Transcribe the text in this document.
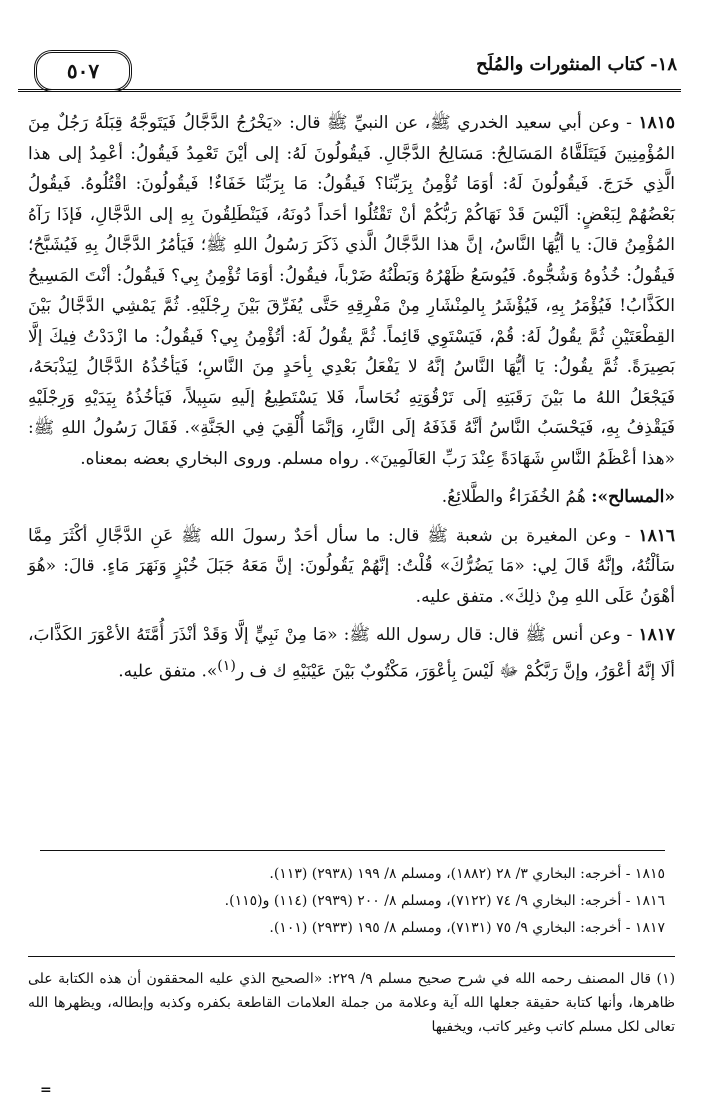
١٨- كتاب المنثورات والمُلَح
٥٠٧

١٨١٥ - وعن أبي سعيد الخدري ﷺ، عن النبيِّ ﷺ قال: «يَخْرُجُ الدَّجَّالُ فَيَتَوجَّهُ قِبَلَهُ رَجُلٌ مِنَ المُؤْمِنِينَ فَيَتَلَقَّاهُ المَسَالِحُ: مَسَالِحُ الدَّجَّالِ. فَيقُولُونَ لَهُ: إلى أيْنَ تَعْمِدُ فَيقُولُ: أعْمِدُ إلى هذا الَّذِي خَرَجَ. فَيقُولُونَ لَهُ: أوَمَا تُؤْمِنُ بِرَبِّنَا؟ فَيقُولُ: مَا بِرَبِّنَا خَفَاءٌ! فَيقُولُونَ: اقْتُلُوهُ. فَيقُولُ بَعْضُهُمْ لِبَعْضٍ: ألَيْسَ قَدْ نَهَاكُمْ رَبُّكُمْ أنْ تَقْتُلُوا أحَداً دُونَهُ، فَيَنْطَلِقُونَ بِهِ إلى الدَّجَّالِ، فَإذَا رَآهُ المُؤْمِنُ قالَ: يا أيُّهَا النَّاسُ، إنَّ هذا الدَّجَّالُ الَّذي ذَكَرَ رَسُولُ اللهِ ﷺ؛ فَيَأمُرُ الدَّجَّالُ بِهِ فَيُشَبَّحُ؛ فَيقُولُ: خُذُوهُ وَشُجُّوهُ. فَيُوسَعُ ظَهْرُهُ وَبَطْنُهُ ضَرْباً، فيقُولُ: أوَمَا تُؤْمِنُ بِي؟ فَيقُولُ: أنْتَ المَسِيحُ الكَذَّابُ! فَيُؤْمَرُ بِهِ، فَيُؤْشَرُ بِالمِنْشَارِ مِنْ مَفْرِقِهِ حَتَّى يُفَرِّقَ بَيْنَ رِجْلَيْهِ. ثُمَّ يَمْشِي الدَّجَّالُ بَيْنَ القِطْعَتَيْنِ ثُمَّ يقُولُ لَهُ: قُمْ، فَيَسْتَوِي قَائِماً. ثُمَّ يقُولُ لَهُ: أتُؤْمِنُ بِي؟ فَيقُولُ: ما ازْدَدْتُ فِيكَ إلَّا بَصِيرَةً. ثُمَّ يقُولُ: يَا أيُّهَا النَّاسُ إنَّهُ لا يَفْعَلُ بَعْدِي بِأحَدٍ مِنَ النَّاسِ؛ فَيَأخُذُهُ الدَّجَّالُ لِيَذْبَحَهُ، فَيَجْعَلُ اللهُ ما بَيْنَ رَقَبَتِهِ إلَى تَرْقُوَتِهِ نُحَاساً، فَلا يَسْتَطِيعُ إلَيهِ سَبِيلاً، فَيَأخُذُهُ بِيَدَيْهِ وَرِجْلَيْهِ فَيَقْذِفُ بِهِ، فَيَحْسَبُ النَّاسُ أنَّهُ قَذَفَهُ إلَى النَّارِ، وَإنَّمَا أُلْقِيَ فِي الجَنَّةِ». فَقَالَ رَسُولُ اللهِ ﷺ: «هذا أعْظَمُ النَّاسِ شَهَادَةً عِنْدَ رَبِّ العَالَمِينَ». رواه مسلم. وروى البخاري بعضه بمعناه.

«المسالح»: هُمُ الخُفَرَاءُ والطَّلائِعُ.

١٨١٦ - وعن المغيرة بن شعبة ﷺ قال: ما سأل أحَدٌ رسولَ الله ﷺ عَنِ الدَّجَّالِ أكْثَرَ مِمَّا سَألْتُهُ، وإنَّهُ قَالَ لِي: «مَا يَضُرُّكَ» قُلْتُ: إنَّهُمْ يَقُولُونَ: إنَّ مَعَهُ جَبَلَ خُبْزٍ وَنَهَرَ مَاءٍ. قالَ: «هُوَ أهْوَنُ عَلَى اللهِ مِنْ ذلِكَ». متفق عليه.

١٨١٧ - وعن أنس ﷺ قال: قال رسول الله ﷺ: «مَا مِنْ نَبِيٍّ إلَّا وَقَدْ أنْذَرَ أُمَّتَهُ الأعْوَرَ الكَذَّابَ، ألَا إنَّهُ أعْوَرُ، وإنَّ رَبَّكُمْ ﷻ لَيْسَ بِأعْوَرَ، مَكْتُوبٌ بَيْنَ عَيْنَيْهِ ك ف ر$^{(١)}$». متفق عليه.

١٨١٥ - أخرجه: البخاري ٣/ ٢٨ (١٨٨٢)، ومسلم ٨/ ١٩٩ (٢٩٣٨) (١١٣).

١٨١٦ - أخرجه: البخاري ٩/ ٧٤ (٧١٢٢)، ومسلم ٨/ ٢٠٠ (٢٩٣٩) (١١٤) و(١١٥).

١٨١٧ - أخرجه: البخاري ٩/ ٧٥ (٧١٣١)، ومسلم ٨/ ١٩٥ (٢٩٣٣) (١٠١).

(١) قال المصنف رحمه الله في شرح صحيح مسلم ٩/ ٢٢٩: «الصحيح الذي عليه المحققون أن هذه الكتابة على ظاهرها، وأنها كتابة حقيقة جعلها الله آية وعلامة من جملة العلامات القاطعة بكفره وكذبه وإبطاله، ويظهرها الله تعالى لكل مسلم كاتب وغير كاتب، ويخفيها

=
